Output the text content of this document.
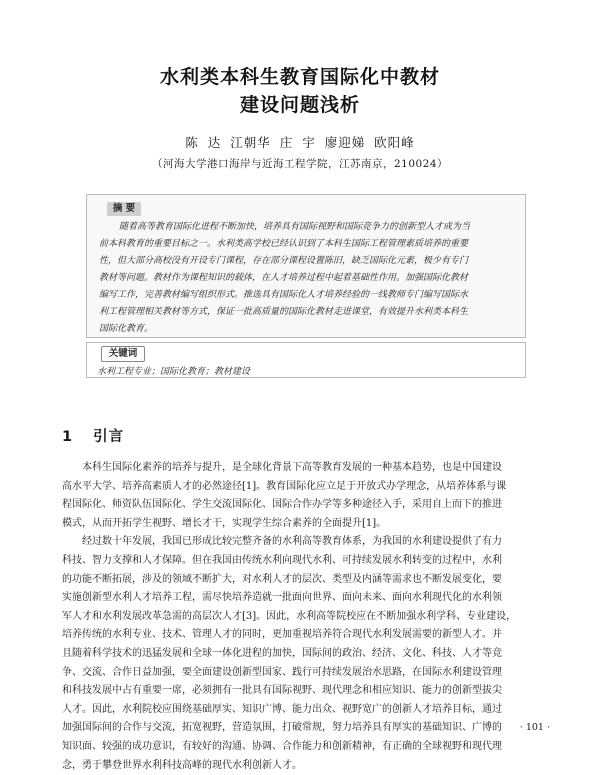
水利类本科生教育国际化中教材
建设问题浅析
陈 达 江朝华 庄 宇 廖迎娣 欧阳峰
（河海大学港口海岸与近海工程学院，江苏南京，210024）
摘 要
随着高等教育国际化进程不断加快，培养具有国际视野和国际竞争力的创新型人才成为当
前本科教育的重要目标之一。水利类高学校已经认识到了本科生国际工程管理素质培养的重要
性，但大部分高校没有开设专门课程，存在部分课程设置陈旧，缺乏国际化元素，极少有专门
教材等问题。教材作为课程知识的载体，在人才培养过程中起着基础性作用。加强国际化教材
编写工作，完善教材编写组织形式。推选具有国际化人才培养经验的一线教师专门编写国际水
利工程管理相关教材等方式，保证一批高质量的国际化教材走进课堂，有效提升水利类本科生
国际化教育。
关键词
水利工程专业；国际化教育；教材建设
1 引言
本科生国际化素养的培养与提升，是全球化背景下高等教育发展的一种基本趋势，也是中国建设
高水平大学、培养高素质人才的必然途径[1]。教育国际化应立足于开放式办学理念，从培养体系与课
程国际化、师资队伍国际化、学生交流国际化、国际合作办学等多种途径入手，采用自上而下的推进
模式，从而开拓学生视野、增长才干，实现学生综合素养的全面提升[1]。
经过数十年发展，我国已形成比较完整齐备的水利高等教育体系，为我国的水利建设提供了有力
科技、智力支撑和人才保障。但在我国由传统水利向现代水利、可持续发展水利转变的过程中，水利
的功能不断拓展，涉及的领域不断扩大，对水利人才的层次、类型及内涵等需求也不断发展变化，要
实施创新型水利人才培养工程，需尽快培养造就一批面向世界、面向未来、面向水利现代化的水利领
军人才和水利发展改革急需的高层次人才[3]。因此，水利高等院校应在不断加强水利学科、专业建设，
培养传统的水利专业、技术、管理人才的同时，更加重视培养符合现代水利发展需要的新型人才。并
且随着科学技术的迅猛发展和全球一体化进程的加快，国际间的政治、经济、文化、科技、人才等竞
争、交流、合作日益加强，要全面建设创新型国家、践行可持续发展治水思路，在国际水利建设管理
和科技发展中占有重要一席，必须拥有一批具有国际视野、现代理念和相应知识、能力的创新型拔尖
人才。因此，水利院校应围绕基础厚实、知识广博、能力出众、视野宽广的创新人才培养目标，通过
加强国际间的合作与交流，拓宽视野，营造氛围，打破常规，努力培养具有厚实的基础知识、广博的
知识面、较强的成功意识，有较好的沟通、协调、合作能力和创新精神，有正确的全球视野和现代理
念，勇于攀登世界水利科技高峰的现代水利创新人才。
· 101 ·
